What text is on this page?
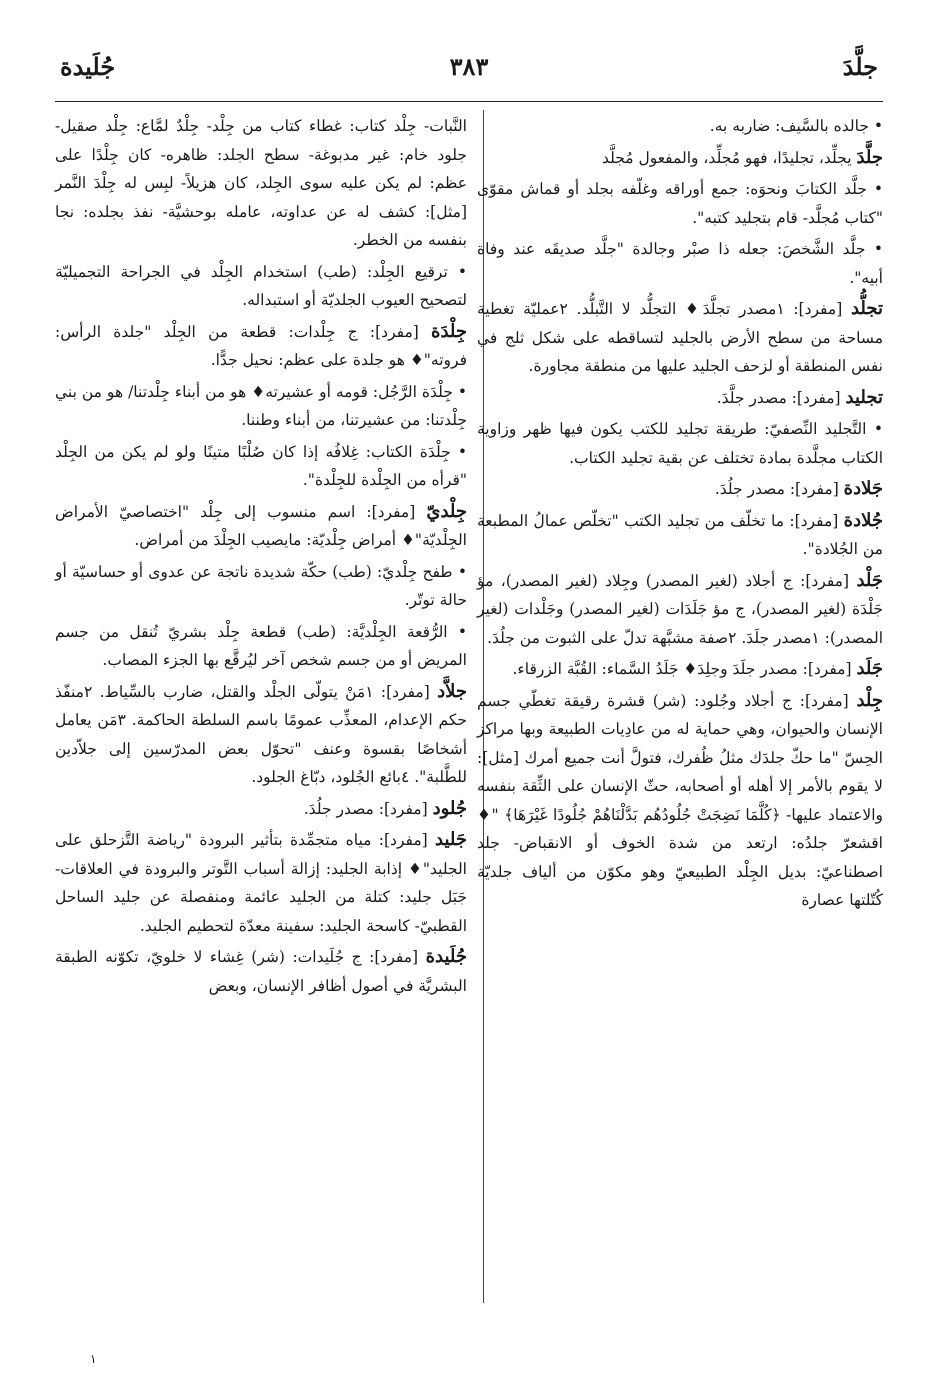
جلَّدَ
٣٨٣
جُلَيدة

• جالده بالسَّيف: ضاربه به.

جلَّدَ يجلِّد، تجليدًا، فهو مُجلِّد، والمفعول مُجلَّد

• جلَّد الكتابَ ونحوَه: جمع أوراقه وغلّفه بجلد أو قماش مقوّى "كتاب مُجلَّد- قام بتجليد كتبه".

• جلَّد الشَّخصَ: جعله ذا صبْر وجالدة "جلَّد صديقَه عند وفاة أبيه".

تجلُّد [مفرد]: ١مصدر تجلَّدَ♦ التجلُّد لا التَّبلُّد. ٢عمليّة تغطية مساحة من سطح الأرض بالجليد لتساقطه على شكل ثلج في نفس المنطقة أو لزحف الجليد عليها من منطقة مجاورة.

تجليد [مفرد]: مصدر جلَّدَ.

• التَّجليد النِّصفيّ: طريقة تجليد للكتب يكون فيها ظهر وزاوية الكتاب مجلَّدة بمادة تختلف عن بقية تجليد الكتاب.

جَلادة [مفرد]: مصدر جلُدَ.

جُلادة [مفرد]: ما تخلّف من تجليد الكتب "تخلّص عمالُ المطبعة من الجُلادة".

جَلْد [مفرد]: ج أجلاد (لغير المصدر) وجِلاد (لغير المصدر)، مؤ جَلْدَة (لغير المصدر)، ج مؤ جَلَدَات (لغير المصدر) وجَلْدات (لغير المصدر): ١مصدر جلَدَ. ٢صفة مشبَّهة تدلّ على الثبوت من جلُدَ.

جَلَد [مفرد]: مصدر جلَدَ وجلِدَ♦ جَلَدُ السَّماء: القُبَّة الزرقاء.

جِلْد [مفرد]: ج أجلاد وجُلود: (شر) قشرة رقيقة تغطّي جسم الإنسان والحيوان، وهي حماية له من عادِيات الطبيعة وبها مراكز الحِسّ "ما حكّ جلدَك مثلُ ظُفرك، فتولَّ أنت جميع أمرك [مثل]: لا يقوم بالأمر إلا أهله أو أصحابه، حثّ الإنسان على الثِّقة بنفسه والاعتماد عليها- ﴿كُلَّمَا نَضِجَتْ جُلُودُهُم بَدَّلْنَاهُمْ جُلُودًا غَيْرَهَا﴾ "♦ اقشعرّ جلدُه: ارتعد من شدة الخوف أو الانقباض- جلد اصطناعيّ: بديل الجِلْد الطبيعيّ وهو مكوّن من ألياف جلديّة كُتّلتها عصارة

النَّبات- جِلْد كتاب: غطاء كتاب من جِلْد- جِلْدٌ لمَّاع: جِلْد صقيل- جلود خام: غير مدبوغة- سطح الجلد: ظاهره- كان جِلْدًا على عظم: لم يكن عليه سوى الجِلد، كان هزيلاً- لبِس له جِلْدَ النَّمر [مثل]: كشف له عن عداوته، عامله بوحشيَّة- نفذ بجلده: نجا بنفسه من الخطر.

• ترقيع الجِلْد: (طب) استخدام الجِلْد في الجراحة التجميليّة لتصحيح العيوب الجلديّة أو استبداله.

جِلْدَة [مفرد]: ج جِلْدات: قطعة من الجِلْد "جلدة الرأس: فروته"♦ هو جلدة على عظم: نحيل جدًّا.

• جِلْدَة الرَّجُل: قومه أو عشيرته♦ هو من أبناء جِلْدتنا/ هو من بني جِلْدتنا: من عشيرتنا، من أبناء وطننا.

• جِلْدَة الكتاب: غِلافُه إذا كان صُلْبًا متينًا ولو لم يكن من الجِلْد "قرأه من الجِلْدة للجِلْدة".

جِلْديّ [مفرد]: اسم منسوب إلى جِلْد "اختصاصيّ الأمراض الجِلْديّة"♦ أمراض جِلْديّة: مايصيب الجِلْدَ من أمراض.

• طفح جِلْديّ: (طب) حكّة شديدة ناتجة عن عدوى أو حساسيّة أو حالة توتّر.

• الرُّقعة الجِلْديَّة: (طب) قطعة جِلْد بشريّ تُنقل من جسم المريض أو من جسم شخص آخر ليُرقَّع بها الجزء المصاب.

جلاَّد [مفرد]: ١مَنْ يتولّى الجلْد والقتل، ضارب بالسِّياط. ٢منفّذ حكم الإعدام، المعذِّب عمومًا باسم السلطة الحاكمة. ٣مَن يعامل أشخاصًا بقسوة وعنف "تحوّل بعض المدرّسين إلى جلاّدين للطَّلبة". ٤بائع الجُلود، دبّاغ الجلود.

جُلود [مفرد]: مصدر جلُدَ.

جَليد [مفرد]: مياه متجمِّدة بتأثير البرودة "رياضة التَّزحلق على الجليد"♦ إذابة الجليد: إزالة أسباب التَّوتر والبرودة في العلاقات- جَبَل جليد: كتلة من الجليد عائمة ومنفصلة عن جليد الساحل القطبيّ- كاسحة الجليد: سفينة معدّة لتحطيم الجليد.

جُلَيدة [مفرد]: ج جُلَيدات: (شر) غِشاء لا خلويّ، تكوّنه الطبقة البشريَّة في أصول أظافر الإنسان، وبعض

١
